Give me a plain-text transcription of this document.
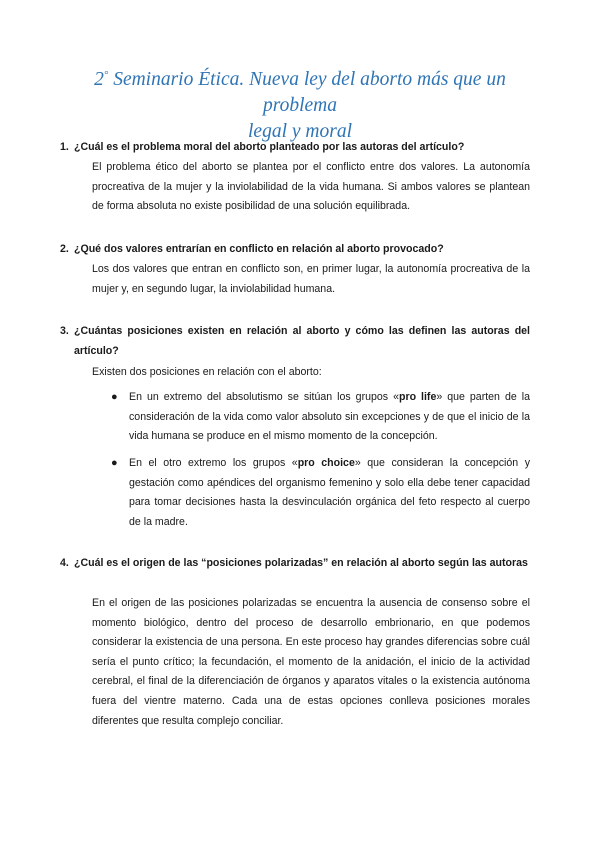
2° Seminario Ética. Nueva ley del aborto más que un problema
legal y moral
1. ¿Cuál es el problema moral del aborto planteado por las autoras del artículo?
El problema ético del aborto se plantea por el conflicto entre dos valores. La autonomía procreativa de la mujer y la inviolabilidad de la vida humana. Si ambos valores se plantean de forma absoluta no existe posibilidad de una solución equilibrada.
2. ¿Qué dos valores entrarían en conflicto en relación al aborto provocado?
Los dos valores que entran en conflicto son, en primer lugar, la autonomía procreativa de la mujer y, en segundo lugar, la inviolabilidad humana.
3. ¿Cuántas posiciones existen en relación al aborto y cómo las definen las autoras del artículo?
Existen dos posiciones en relación con el aborto:
● En un extremo del absolutismo se sitúan los grupos «pro life» que parten de la consideración de la vida como valor absoluto sin excepciones y de que el inicio de la vida humana se produce en el mismo momento de la concepción.
● En el otro extremo los grupos «pro choice» que consideran la concepción y gestación como apéndices del organismo femenino y solo ella debe tener capacidad para tomar decisiones hasta la desvinculación orgánica del feto respecto al cuerpo de la madre.
4. ¿Cuál es el origen de las “posiciones polarizadas” en relación al aborto según las autoras
En el origen de las posiciones polarizadas se encuentra la ausencia de consenso sobre el momento biológico, dentro del proceso de desarrollo embrionario, en que podemos considerar la existencia de una persona. En este proceso hay grandes diferencias sobre cuál sería el punto crítico; la fecundación, el momento de la anidación, el inicio de la actividad cerebral, el final de la diferenciación de órganos y aparatos vitales o la existencia autónoma fuera del vientre materno. Cada una de estas opciones conlleva posiciones morales diferentes que resulta complejo conciliar.
